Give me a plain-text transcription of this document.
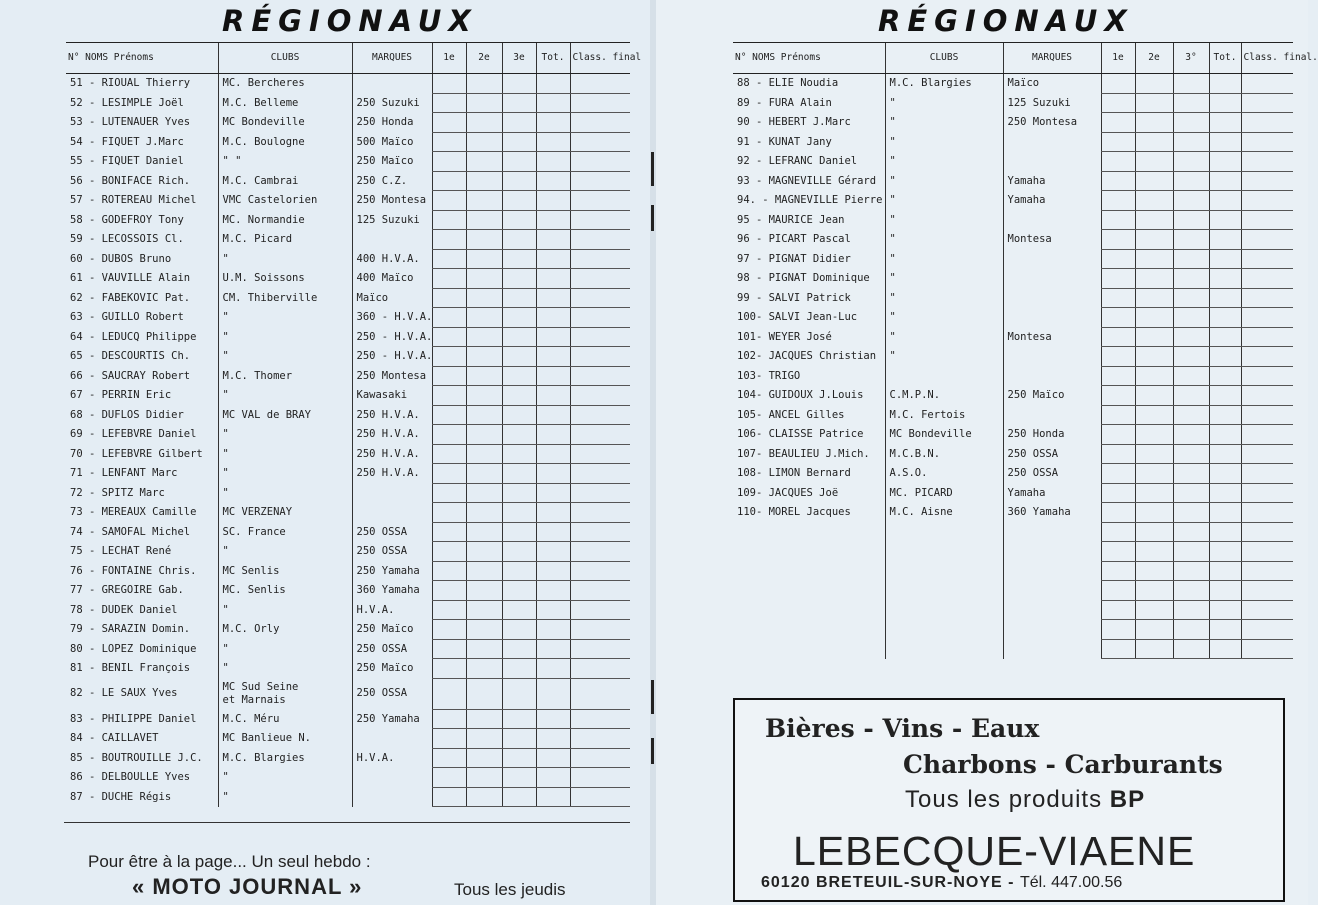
RÉGIONAUX
N° NOMS Prénoms	CLUBS	MARQUES	1e	2e	3e	Tot.	Class. final
51 - RIOUAL Thierry	MC. Bercheres						
52 - LESIMPLE Joël	M.C. Belleme	250 Suzuki					
53 - LUTENAUER Yves	MC Bondeville	250 Honda					
54 - FIQUET J.Marc	M.C. Boulogne	500 Maïco					
55 - FIQUET Daniel	" "	250 Maïco					
56 - BONIFACE Rich.	M.C. Cambrai	250 C.Z.					
57 - ROTEREAU Michel	VMC Castelorien	250 Montesa					
58 - GODEFROY Tony	MC. Normandie	125 Suzuki					
59 - LECOSSOIS Cl.	M.C. Picard						
60 - DUBOS Bruno	"	400 H.V.A.					
61 - VAUVILLE Alain	U.M. Soissons	400 Maïco					
62 - FABEKOVIC Pat.	CM. Thiberville	Maïco					
63 - GUILLO Robert	"	360 - H.V.A.					
64 - LEDUCQ Philippe	"	250 - H.V.A.					
65 - DESCOURTIS Ch.	"	250 - H.V.A.					
66 - SAUCRAY Robert	M.C. Thomer	250 Montesa					
67 - PERRIN Eric	"	Kawasaki					
68 - DUFLOS Didier	MC VAL de BRAY	250 H.V.A.					
69 - LEFEBVRE Daniel	"	250 H.V.A.					
70 - LEFEBVRE Gilbert	"	250 H.V.A.					
71 - LENFANT Marc	"	250 H.V.A.					
72 - SPITZ Marc	"						
73 - MEREAUX Camille	MC VERZENAY						
74 - SAMOFAL Michel	SC. France	250 OSSA					
75 - LECHAT René	"	250 OSSA					
76 - FONTAINE Chris.	MC Senlis	250 Yamaha					
77 - GREGOIRE Gab.	MC. Senlis	360 Yamaha					
78 - DUDEK Daniel	"	H.V.A.					
79 - SARAZIN Domin.	M.C. Orly	250 Maïco					
80 - LOPEZ Dominique	"	250 OSSA					
81 - BENIL François	"	250 Maïco					
82 - LE SAUX Yves	MC Sud Seine
et Marnais	250 OSSA					
83 - PHILIPPE Daniel	M.C. Méru	250 Yamaha					
84 - CAILLAVET	MC Banlieue N.						
85 - BOUTROUILLE J.C.	M.C. Blargies	H.V.A.					
86 - DELBOULLE Yves	"						
87 - DUCHE Régis	"						
Pour être à la page... Un seul hebdo :
« MOTO JOURNAL »	Tous les jeudis
RÉGIONAUX
N° NOMS Prénoms	CLUBS	MARQUES	1e	2e	3°	Tot.	Class. final.
88 - ELIE Noudia	M.C. Blargies	Maïco					
89 - FURA Alain	"	125 Suzuki					
90 - HEBERT J.Marc	"	250 Montesa					
91 - KUNAT Jany	"						
92 - LEFRANC Daniel	"						
93 - MAGNEVILLE Gérard	"	Yamaha					
94. - MAGNEVILLE Pierre	"	Yamaha					
95 - MAURICE Jean	"						
96 - PICART Pascal	"	Montesa					
97 - PIGNAT Didier	"						
98 - PIGNAT Dominique	"						
99 - SALVI Patrick	"						
100- SALVI Jean-Luc	"						
101- WEYER José	"	Montesa					
102- JACQUES Christian	"						
103- TRIGO							
104- GUIDOUX J.Louis	C.M.P.N.	250 Maïco					
105- ANCEL Gilles	M.C. Fertois						
106- CLAISSE Patrice	MC Bondeville	250 Honda					
107- BEAULIEU J.Mich.	M.C.B.N.	250 OSSA					
108- LIMON Bernard	A.S.O.	250 OSSA					
109- JACQUES Joë	MC. PICARD	Yamaha					
110- MOREL Jacques	M.C. Aisne	360 Yamaha					

Bières - Vins - Eaux
Charbons - Carburants
Tous les produits BP
LEBECQUE-VIAENE
60120 BRETEUIL-SUR-NOYE - Tél. 447.00.56
